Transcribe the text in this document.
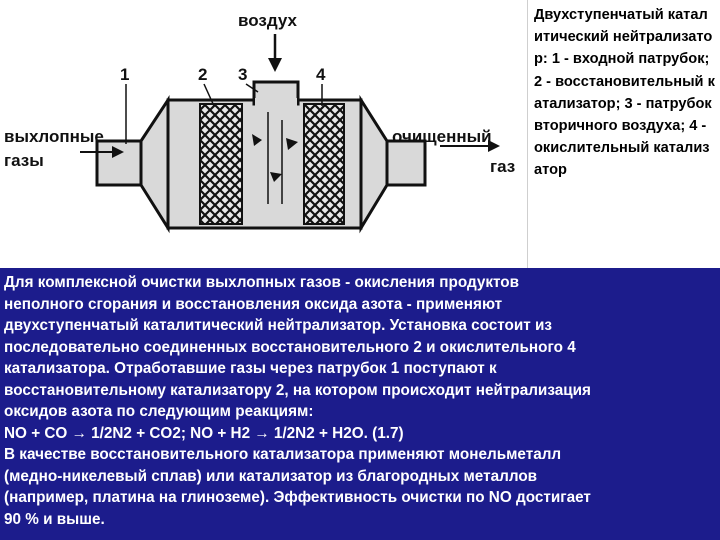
воздух
выхлопные
газы
очищенный
газ
1	2 3	4
Двухступенчатый каталитический нейтрализатор: 1 - входной патрубок; 2 - восстановительный катализатор; 3 - патрубок вторичного воздуха; 4 - окислительный катализатор
Для комплексной очистки выхлопных газов - окисления продуктов
неполного сгорания и восстановления оксида азота - применяют
двухступенчатый каталитический нейтрализатор. Установка состоит из
последовательно соединенных восстановительного 2 и окислительного 4
катализатора. Отработавшие газы через патрубок 1 поступают к
восстановительному катализатору 2, на котором происходит нейтрализация
оксидов азота по следующим реакциям:
NO + CO → 1/2N2 + CO2; NO + H2 → 1/2N2 + H2O. (1.7)
В качестве восстановительного катализатора применяют монельметалл
(медно-никелевый сплав) или катализатор из благородных металлов
(например, платина на глиноземе). Эффективность очистки по NO достигает
90 % и выше.
